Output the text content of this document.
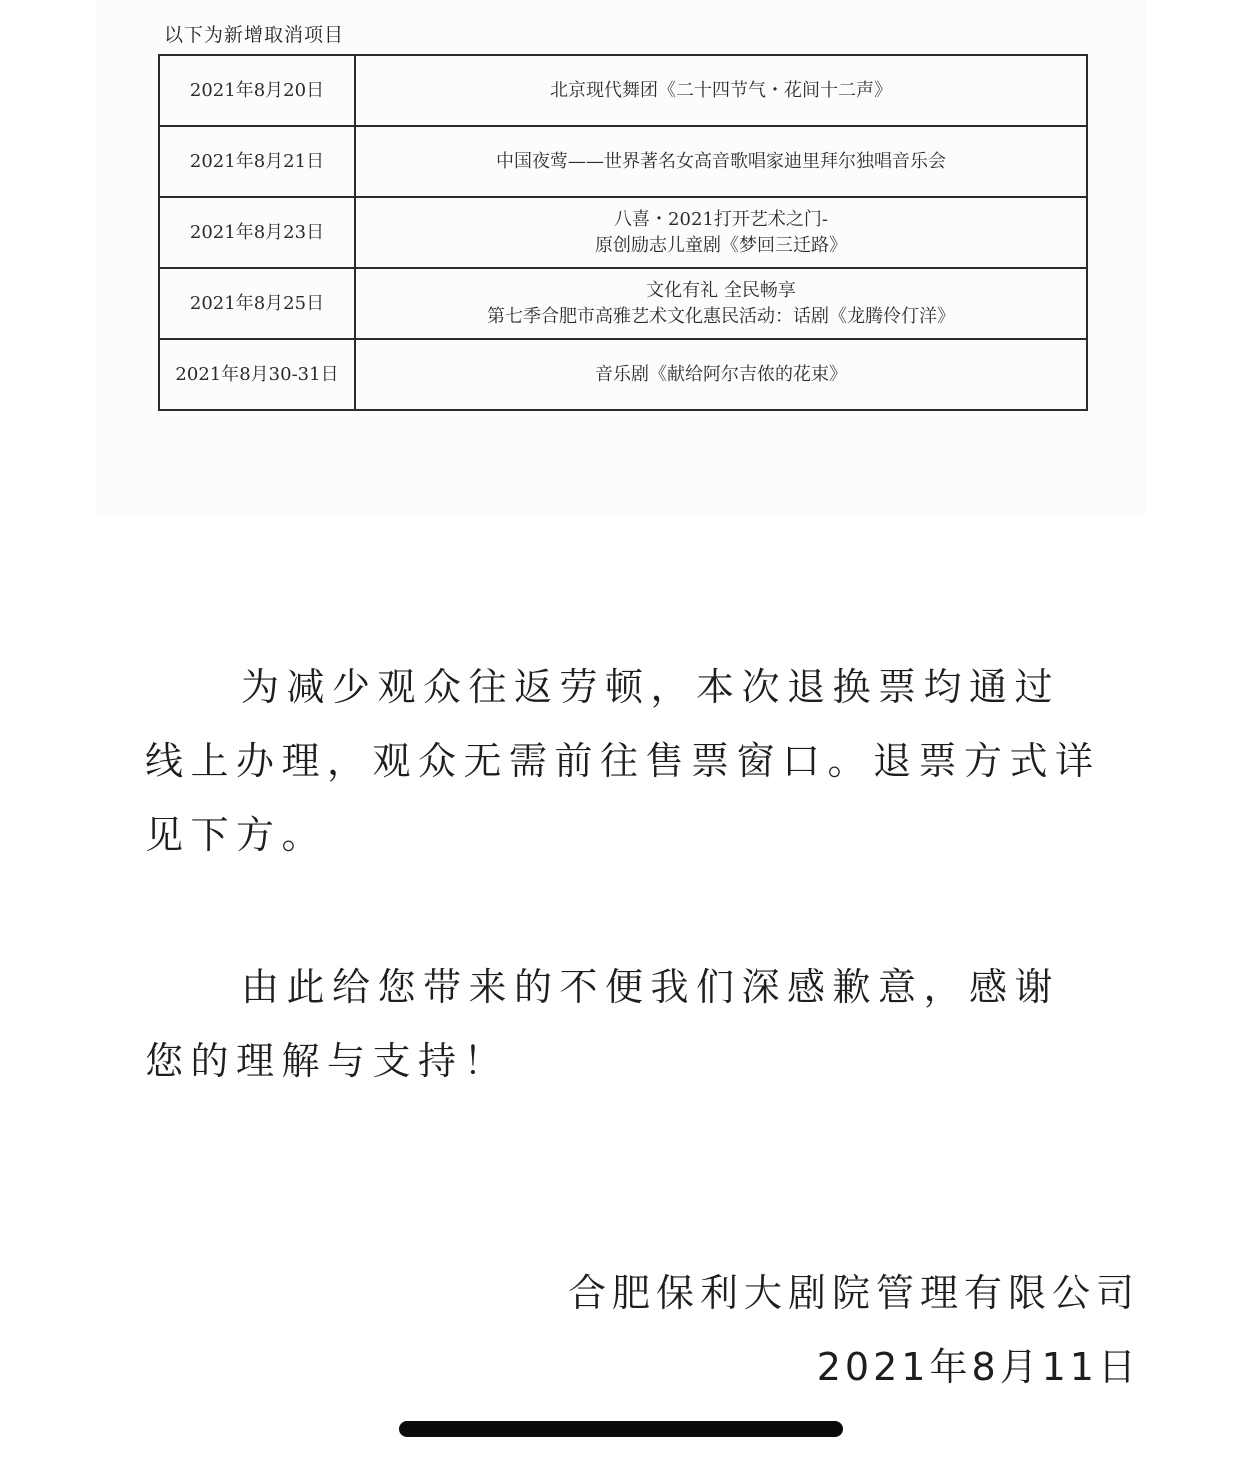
以下为新增取消项目
2021年8月20日	北京现代舞团《二十四节气・花间十二声》

2021年8月21日	中国夜莺——世界著名女高音歌唱家迪里拜尔独唱音乐会

2021年8月23日	八喜・2021打开艺术之门-
原创励志儿童剧《梦回三迁路》

2021年8月25日	文化有礼 全民畅享
第七季合肥市高雅艺术文化惠民活动：话剧《龙腾伶仃洋》

2021年8月30-31日	音乐剧《献给阿尔吉侬的花束》

为减少观众往返劳顿，本次退换票均通过线上办理，观众无需前往售票窗口。退票方式详见下方。

由此给您带来的不便我们深感歉意，感谢您的理解与支持！

合肥保利大剧院管理有限公司
2021年8月11日
